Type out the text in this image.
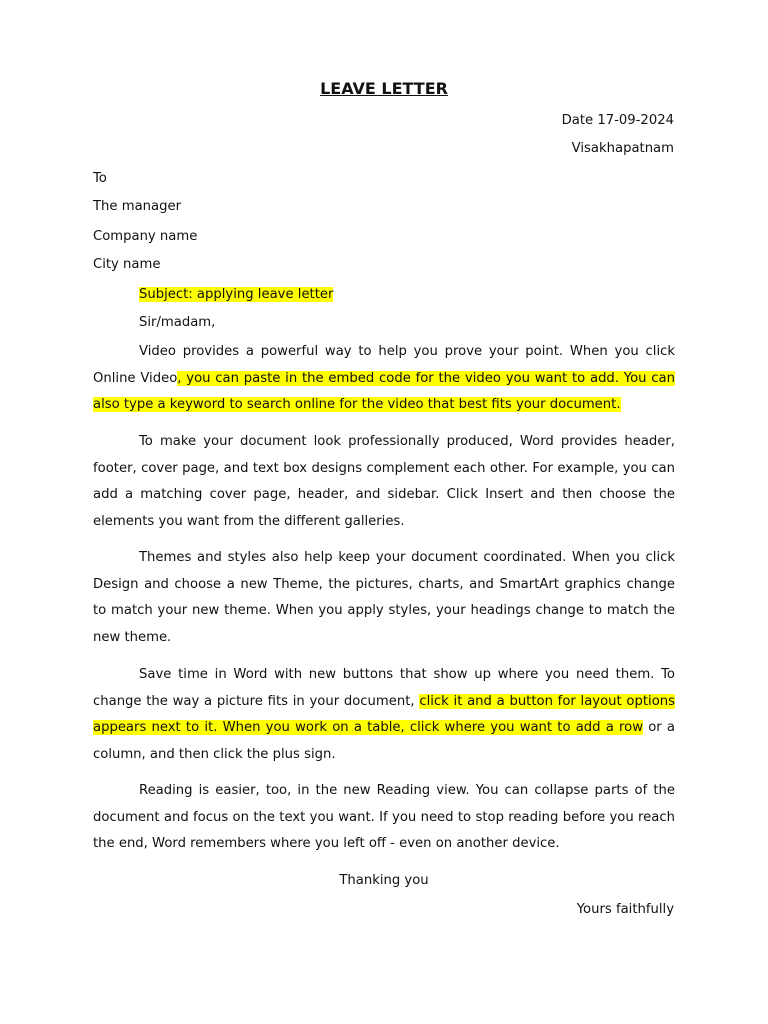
LEAVE LETTER

Date 17-09-2024

Visakhapatnam

To

The manager

Company name

City name

Subject: applying leave letter

Sir/madam,

Video provides a powerful way to help you prove your point. When you click Online Video, you can paste in the embed code for the video you want to add. You can also type a keyword to search online for the video that best fits your document.

To make your document look professionally produced, Word provides header, footer, cover page, and text box designs complement each other. For example, you can add a matching cover page, header, and sidebar. Click Insert and then choose the elements you want from the different galleries.

Themes and styles also help keep your document coordinated. When you click Design and choose a new Theme, the pictures, charts, and SmartArt graphics change to match your new theme. When you apply styles, your headings change to match the new theme.

Save time in Word with new buttons that show up where you need them. To change the way a picture fits in your document, click it and a button for layout options appears next to it. When you work on a table, click where you want to add a row or a column, and then click the plus sign.

Reading is easier, too, in the new Reading view. You can collapse parts of the document and focus on the text you want. If you need to stop reading before you reach the end, Word remembers where you left off - even on another device.

Thanking you

Yours faithfully
